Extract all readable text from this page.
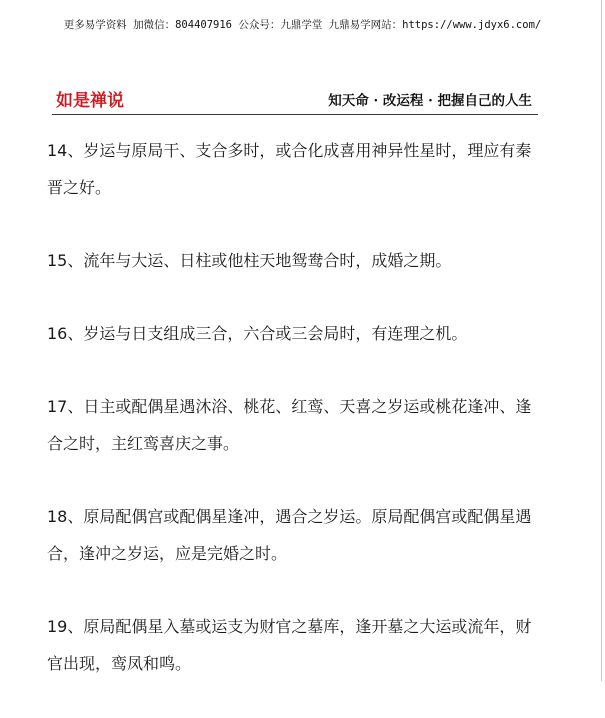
更多易学资料 加微信：804407916 公众号：九鼎学堂 九鼎易学网站：https://www.jdyx6.com/
如是禅说	知天命 · 改运程 · 把握自己的人生

14、岁运与原局干、支合多时，或合化成喜用神异性星时，理应有秦晋之好。

15、流年与大运、日柱或他柱天地鸳鸯合时，成婚之期。

16、岁运与日支组成三合，六合或三会局时，有连理之机。

17、日主或配偶星遇沐浴、桃花、红鸾、天喜之岁运或桃花逢冲、逢合之时，主红鸾喜庆之事。

18、原局配偶宫或配偶星逢冲，遇合之岁运。原局配偶宫或配偶星遇合，逢冲之岁运，应是完婚之时。

19、原局配偶星入墓或运支为财官之墓库，逢开墓之大运或流年，财官出现，鸾凤和鸣。
